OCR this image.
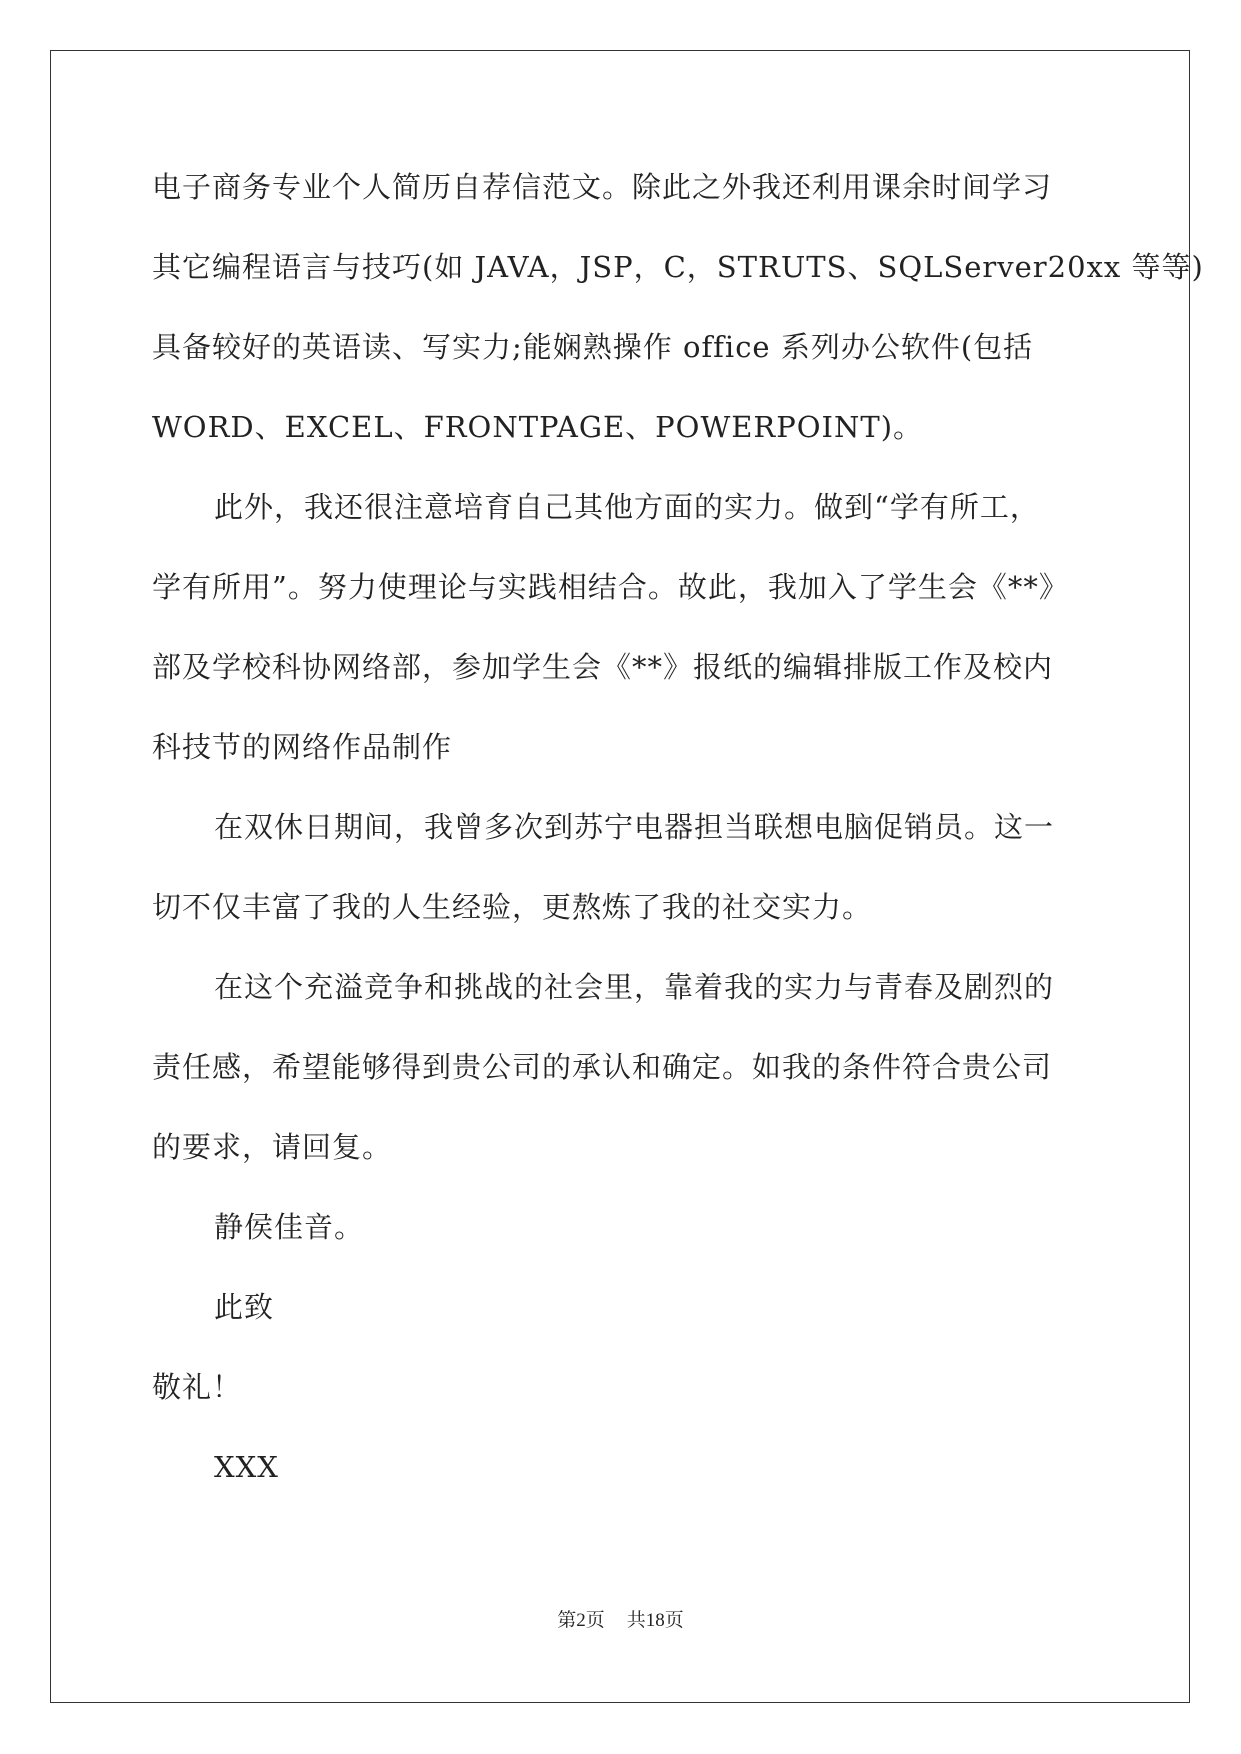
电子商务专业个人简历自荐信范文。除此之外我还利用课余时间学习
其它编程语言与技巧(如 JAVA，JSP，C，STRUTS、SQLServer20xx 等等)
具备较好的英语读、写实力;能娴熟操作 office 系列办公软件(包括
WORD、EXCEL、FRONTPAGE、POWERPOINT)。
此外，我还很注意培育自己其他方面的实力。做到“学有所工，
学有所用”。努力使理论与实践相结合。故此，我加入了学生会《**》
部及学校科协网络部，参加学生会《**》报纸的编辑排版工作及校内
科技节的网络作品制作
在双休日期间，我曾多次到苏宁电器担当联想电脑促销员。这一
切不仅丰富了我的人生经验，更熬炼了我的社交实力。
在这个充溢竞争和挑战的社会里，靠着我的实力与青春及剧烈的
责任感，希望能够得到贵公司的承认和确定。如我的条件符合贵公司
的要求，请回复。
静侯佳音。
此致
敬礼！
XXX
第2页 共18页
